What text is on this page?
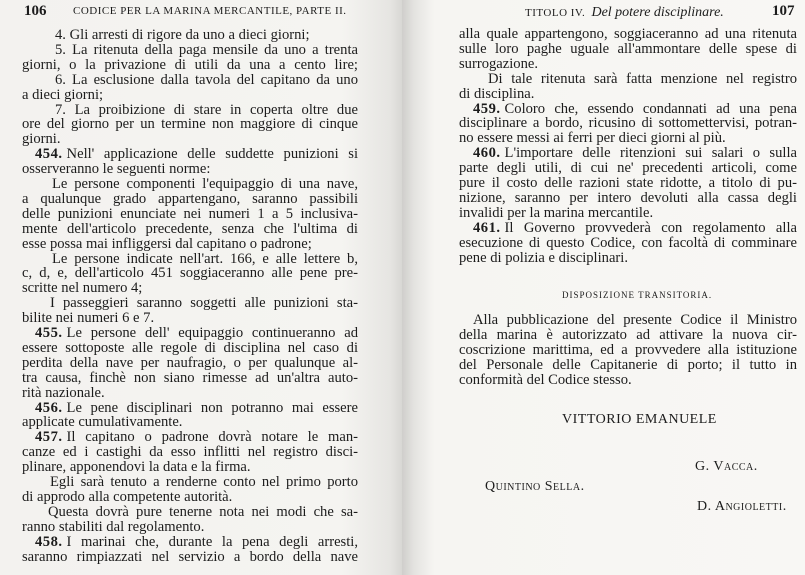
106 CODICE PER LA MARINA MERCANTILE, PARTE II.
4. Gli arresti di rigore da uno a dieci giorni;
5. La ritenuta della paga mensile da uno a trenta
giorni, o la privazione di utili da una a cento lire;
6. La esclusione dalla tavola del capitano da uno
a dieci giorni;
7. La proibizione di stare in coperta oltre due
ore del giorno per un termine non maggiore di cinque
giorni.
454. Nell' applicazione delle suddette punizioni si
osserveranno le seguenti norme:
Le persone componenti l'equipaggio di una nave,
a qualunque grado appartengano, saranno passibili
delle punizioni enunciate nei numeri 1 a 5 inclusiva-
mente dell'articolo precedente, senza che l'ultima di
esse possa mai infliggersi dal capitano o padrone;
Le persone indicate nell'art. 166, e alle lettere b,
c, d, e, dell'articolo 451 soggiaceranno alle pene pre-
scritte nel numero 4;
I passeggieri saranno soggetti alle punizioni sta-
bilite nei numeri 6 e 7.
455. Le persone dell' equipaggio continueranno ad
essere sottoposte alle regole di disciplina nel caso di
perdita della nave per naufragio, o per qualunque al-
tra causa, finchè non siano rimesse ad un'altra auto-
rità nazionale.
456. Le pene disciplinari non potranno mai essere
applicate cumulativamente.
457. Il capitano o padrone dovrà notare le man-
canze ed i castighi da esso inflitti nel registro disci-
plinare, apponendovi la data e la firma.
Egli sarà tenuto a renderne conto nel primo porto
di approdo alla competente autorità.
Questa dovrà pure tenerne nota nei modi che sa-
ranno stabiliti dal regolamento.
458. I marinai che, durante la pena degli arresti,
saranno rimpiazzati nel servizio a bordo della nave
TITOLO IV. Del potere disciplinare.	107
alla quale appartengono, soggiaceranno ad una ritenuta
sulle loro paghe uguale all'ammontare delle spese di
surrogazione.
Di tale ritenuta sarà fatta menzione nel registro
di disciplina.
459. Coloro che, essendo condannati ad una pena
disciplinare a bordo, ricusino di sottomettervisi, potran-
no essere messi ai ferri per dieci giorni al più.
460. L'importare delle ritenzioni sui salari o sulla
parte degli utili, di cui ne' precedenti articoli, come
pure il costo delle razioni state ridotte, a titolo di pu-
nizione, saranno per intero devoluti alla cassa degli
invalidi per la marina mercantile.
461. Il Governo provvederà con regolamento alla
esecuzione di questo Codice, con facoltà di comminare
pene di polizia e disciplinari.
DISPOSIZIONE TRANSITORIA.
Alla pubblicazione del presente Codice il Ministro
della marina è autorizzato ad attivare la nuova cir-
coscrizione marittima, ed a provvedere alla istituzione
del Personale delle Capitanerie di porto; il tutto in
conformità del Codice stesso.
VITTORIO EMANUELE
G. Vacca.
Quintino Sella.
D. Angioletti.
